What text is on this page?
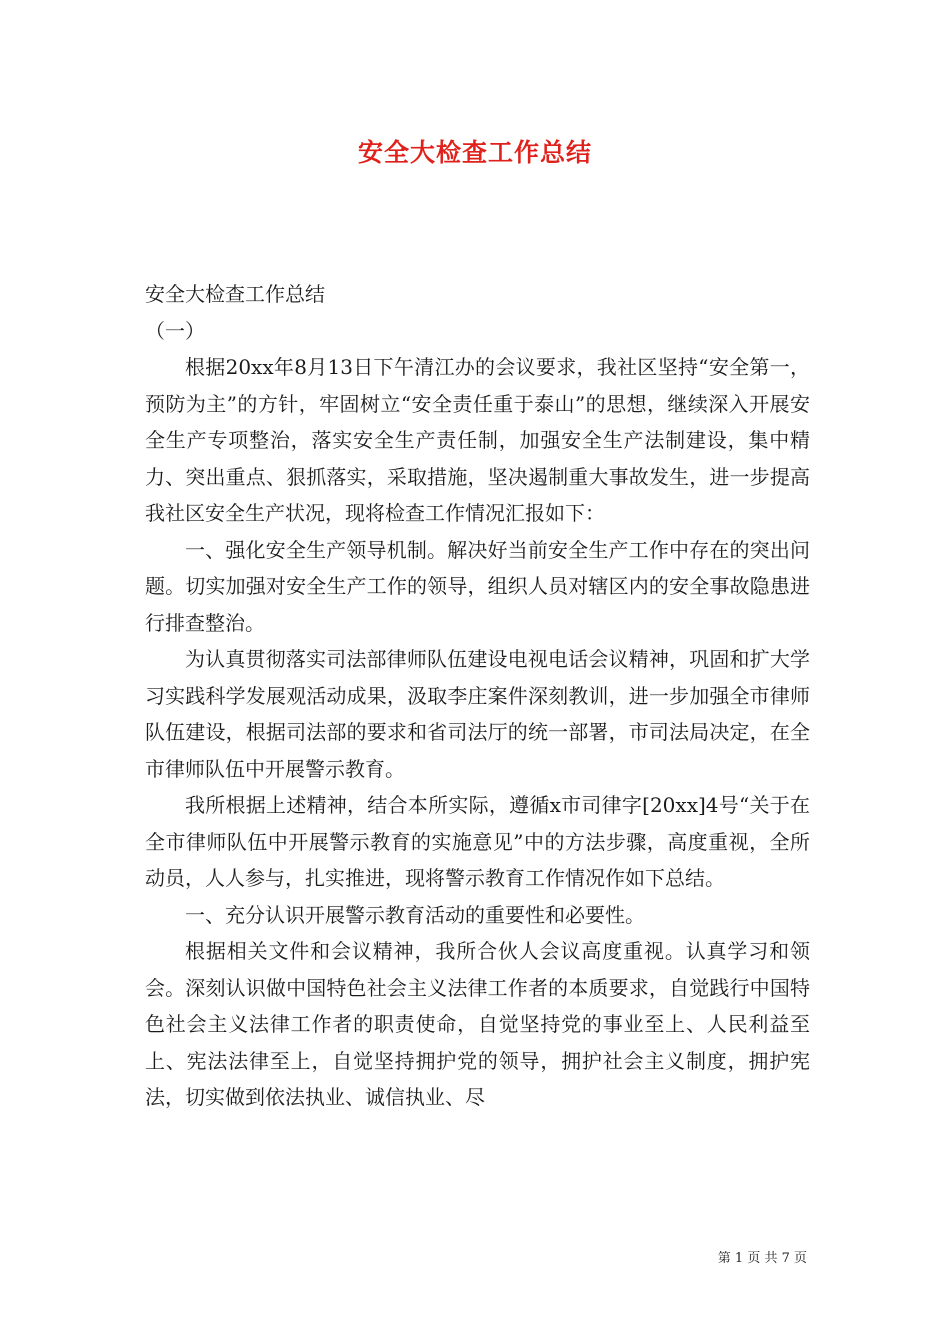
安全大检查工作总结

安全大检查工作总结

（一）

根据20xx年8月13日下午清江办的会议要求，我社区坚持“安全第一，预防为主”的方针，牢固树立“安全责任重于泰山”的思想，继续深入开展安全生产专项整治，落实安全生产责任制，加强安全生产法制建设，集中精力、突出重点、狠抓落实，采取措施，坚决遏制重大事故发生，进一步提高我社区安全生产状况，现将检查工作情况汇报如下：

一、强化安全生产领导机制。解决好当前安全生产工作中存在的突出问题。切实加强对安全生产工作的领导，组织人员对辖区内的安全事故隐患进行排查整治。

为认真贯彻落实司法部律师队伍建设电视电话会议精神，巩固和扩大学习实践科学发展观活动成果，汲取李庄案件深刻教训，进一步加强全市律师队伍建设，根据司法部的要求和省司法厅的统一部署，市司法局决定，在全市律师队伍中开展警示教育。

我所根据上述精神，结合本所实际，遵循x市司律字[20xx]4号“关于在全市律师队伍中开展警示教育的实施意见”中的方法步骤，高度重视，全所动员，人人参与，扎实推进，现将警示教育工作情况作如下总结。

一、充分认识开展警示教育活动的重要性和必要性。

根据相关文件和会议精神，我所合伙人会议高度重视。认真学习和领会。深刻认识做中国特色社会主义法律工作者的本质要求，自觉践行中国特色社会主义法律工作者的职责使命，自觉坚持党的事业至上、人民利益至上、宪法法律至上，自觉坚持拥护党的领导，拥护社会主义制度，拥护宪法，切实做到依法执业、诚信执业、尽

第 1 页 共 7 页
